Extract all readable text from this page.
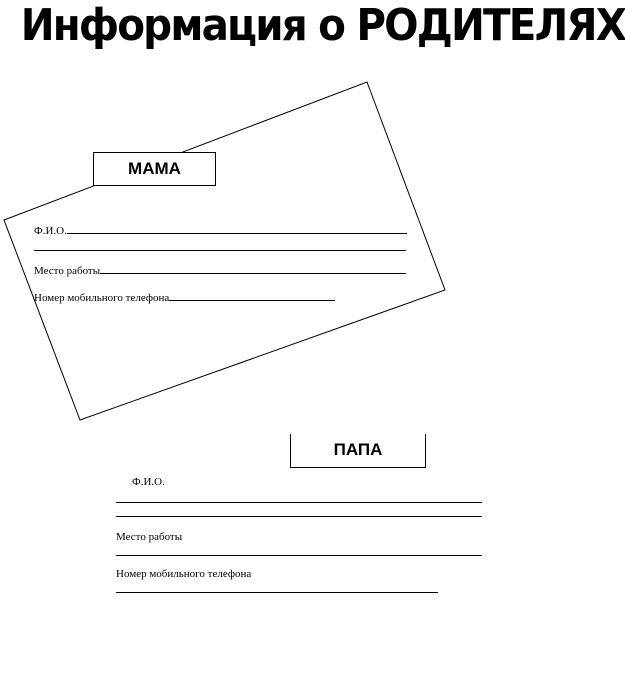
Информация о РОДИТЕЛЯХ
МАМА
Ф.И.О.
Место работы
Номер мобильного телефона
ПАПА
Ф.И.О.
Место работы
Номер мобильного телефона
